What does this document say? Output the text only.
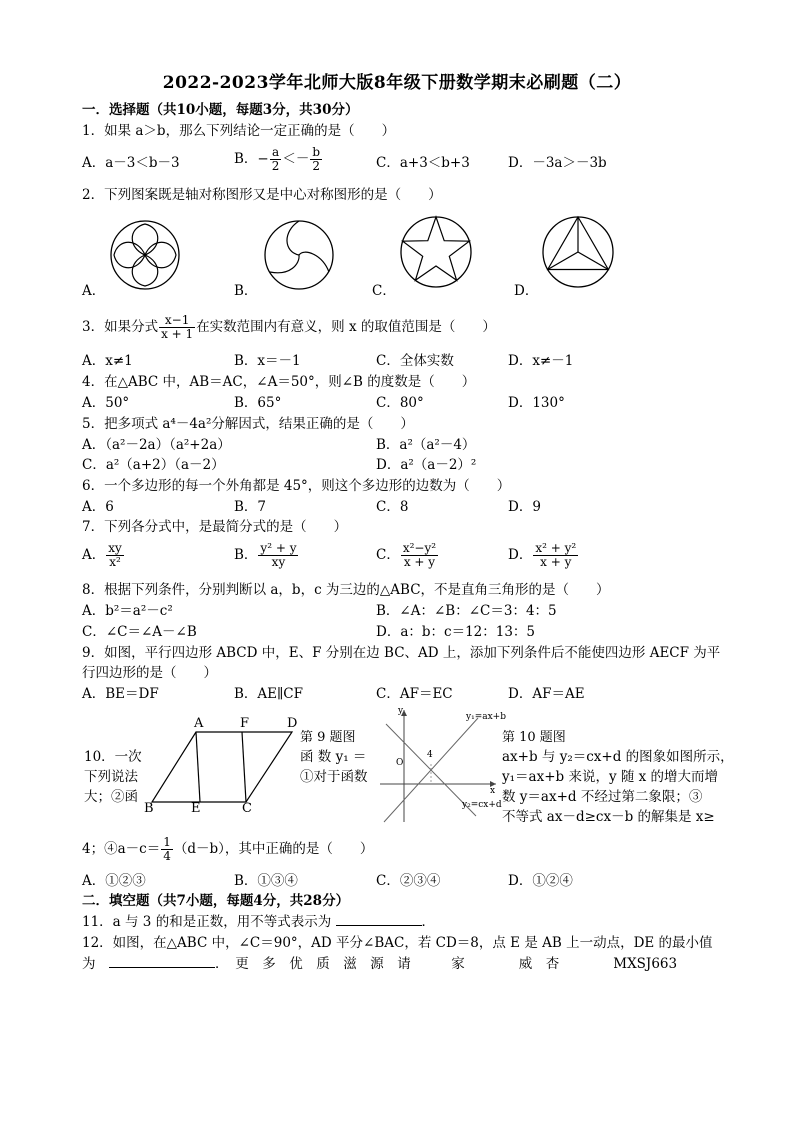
2022-2023学年北师大版8年级下册数学期末必刷题（二）
一．选择题（共10小题，每题3分，共30分）
1．如果 a＞b，那么下列结论一定正确的是（　　）
A．a－3＜b－3	B．− $\frac{a}{2} <- \frac{b}{2}$	C．a+3＜b+3	D．－3a＞－3b
2．下列图案既是轴对称图形又是中心对称图形的是（　　）
A．	B．	C．	D．
3．如果分式 $\frac{x-1}{x + 1}$ 在实数范围内有意义，则 x 的取值范围是（　　）
A．x≠1	B．x＝－1	C．全体实数	D．x≠－1
4．在△ABC 中，AB＝AC，∠A＝50°，则∠B 的度数是（　　）
A．50°	B．65°	C．80°	D．130°
5．把多项式 a⁴－4a²分解因式，结果正确的是（　　）
A．（a²－2a）（a²+2a）	B．a²（a²－4）
C．a²（a+2）（a－2）	D．a²（a－2）²
6．一个多边形的每一个外角都是 45°，则这个多边形的边数为（　　）
A．6	B．7	C．8	D．9
7．下列各分式中，是最简分式的是（　　）
A． $\frac{xy}{\text{x²}}$	B． $\frac{\text{y² + y}}{xy}$	C． $\frac{\text{x²−y²}}{x + y}$	D． $\frac{\text{x² + y²}}{x + y}$
8．根据下列条件，分别判断以 a，b，c 为三边的△ABC，不是直角三角形的是（　　）
A．b²＝a²－c²	B．∠A：∠B：∠C＝3：4：5
C．∠C＝∠A－∠B	D．a：b：c＝12：13：5
9．如图，平行四边形 ABCD 中，E、F 分别在边 BC、AD 上，添加下列条件后不能使四边形 AECF 为平
行四边形的是（　　）
A．BE＝DF	B．AE∥CF	C．AF＝EC	D．AF＝AE
A	F	D
B	E	C
第 9 题图
10．一次
下列说法
大；②函
函 数 y₁ ＝
①对于函数
y
x
O
4
y₁=ax+b
y₂=cx+d
第 10 题图
ax+b 与 y₂＝cx+d 的图象如图所示，
y₁＝ax+b 来说，y 随 x 的增大而增
数 y＝ax+d 不经过第二象限；③
不等式 ax－d≥cx－b 的解集是 x≥
4；④a－c＝ $\frac{1}{4} (d-b)$，其中正确的是（　　）
A．①②③	B．①③④	C．②③④	D．①②④
二．填空题（共7小题，每题4分，共28分）
11．a 与 3 的和是正数，用不等式表示为	．
12．如图，在△ABC 中，∠C＝90°，AD 平分∠BAC，若 CD＝8，点 E 是 AB 上一动点，DE 的最小值
为　	．　更　多　优　质　滋　源　请　　　家　　　　威　杏　　　　MXSJ663
